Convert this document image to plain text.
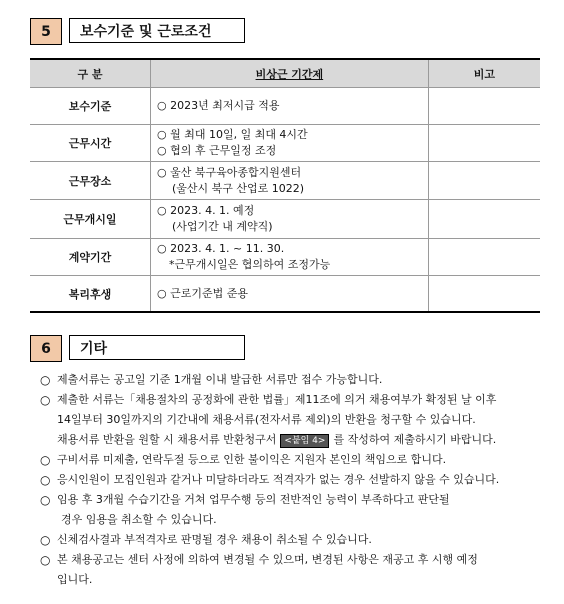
5	보수기준 및 근로조건
구 분	비상근 기간제	비고
보수기준	○ 2023년 최저시급 적용	

근무시간	○ 월 최대 10일, 일 최대 4시간
○ 협의 후 근무일정 조정	

근무장소	○ 울산 북구육아종합지원센터
(울산시 북구 산업로 1022)	

근무개시일	○ 2023. 4. 1. 예정
(사업기간 내 계약직)	

계약기간	○ 2023. 4. 1. ~ 11. 30.
*근무개시일은 협의하여 조정가능	

복리후생	○ 근로기준법 준용	

6	기타
○ 제출서류는 공고일 기준 1개월 이내 발급한 서류만 접수 가능합니다.
○ 제출한 서류는「채용절차의 공정화에 관한 법률」제11조에 의거 채용여부가 확정된 날 이후
14일부터 30일까지의 기간내에 채용서류(전자서류 제외)의 반환을 청구할 수 있습니다.
채용서류 반환을 원할 시 채용서류 반환청구서 <붙임 4> 를 작성하여 제출하시기 바랍니다.
○ 구비서류 미제출, 연락두절 등으로 인한 불이익은 지원자 본인의 책임으로 합니다.
○ 응시인원이 모집인원과 같거나 미달하더라도 적격자가 없는 경우 선발하지 않을 수 있습니다.
○ 임용 후 3개월 수습기간을 거쳐 업무수행 등의 전반적인 능력이 부족하다고 판단될
경우 임용을 취소할 수 있습니다.
○ 신체검사결과 부적격자로 판명될 경우 채용이 취소될 수 있습니다.
○ 본 채용공고는 센터 사정에 의하여 변경될 수 있으며, 변경된 사항은 재공고 후 시행 예정
입니다.
